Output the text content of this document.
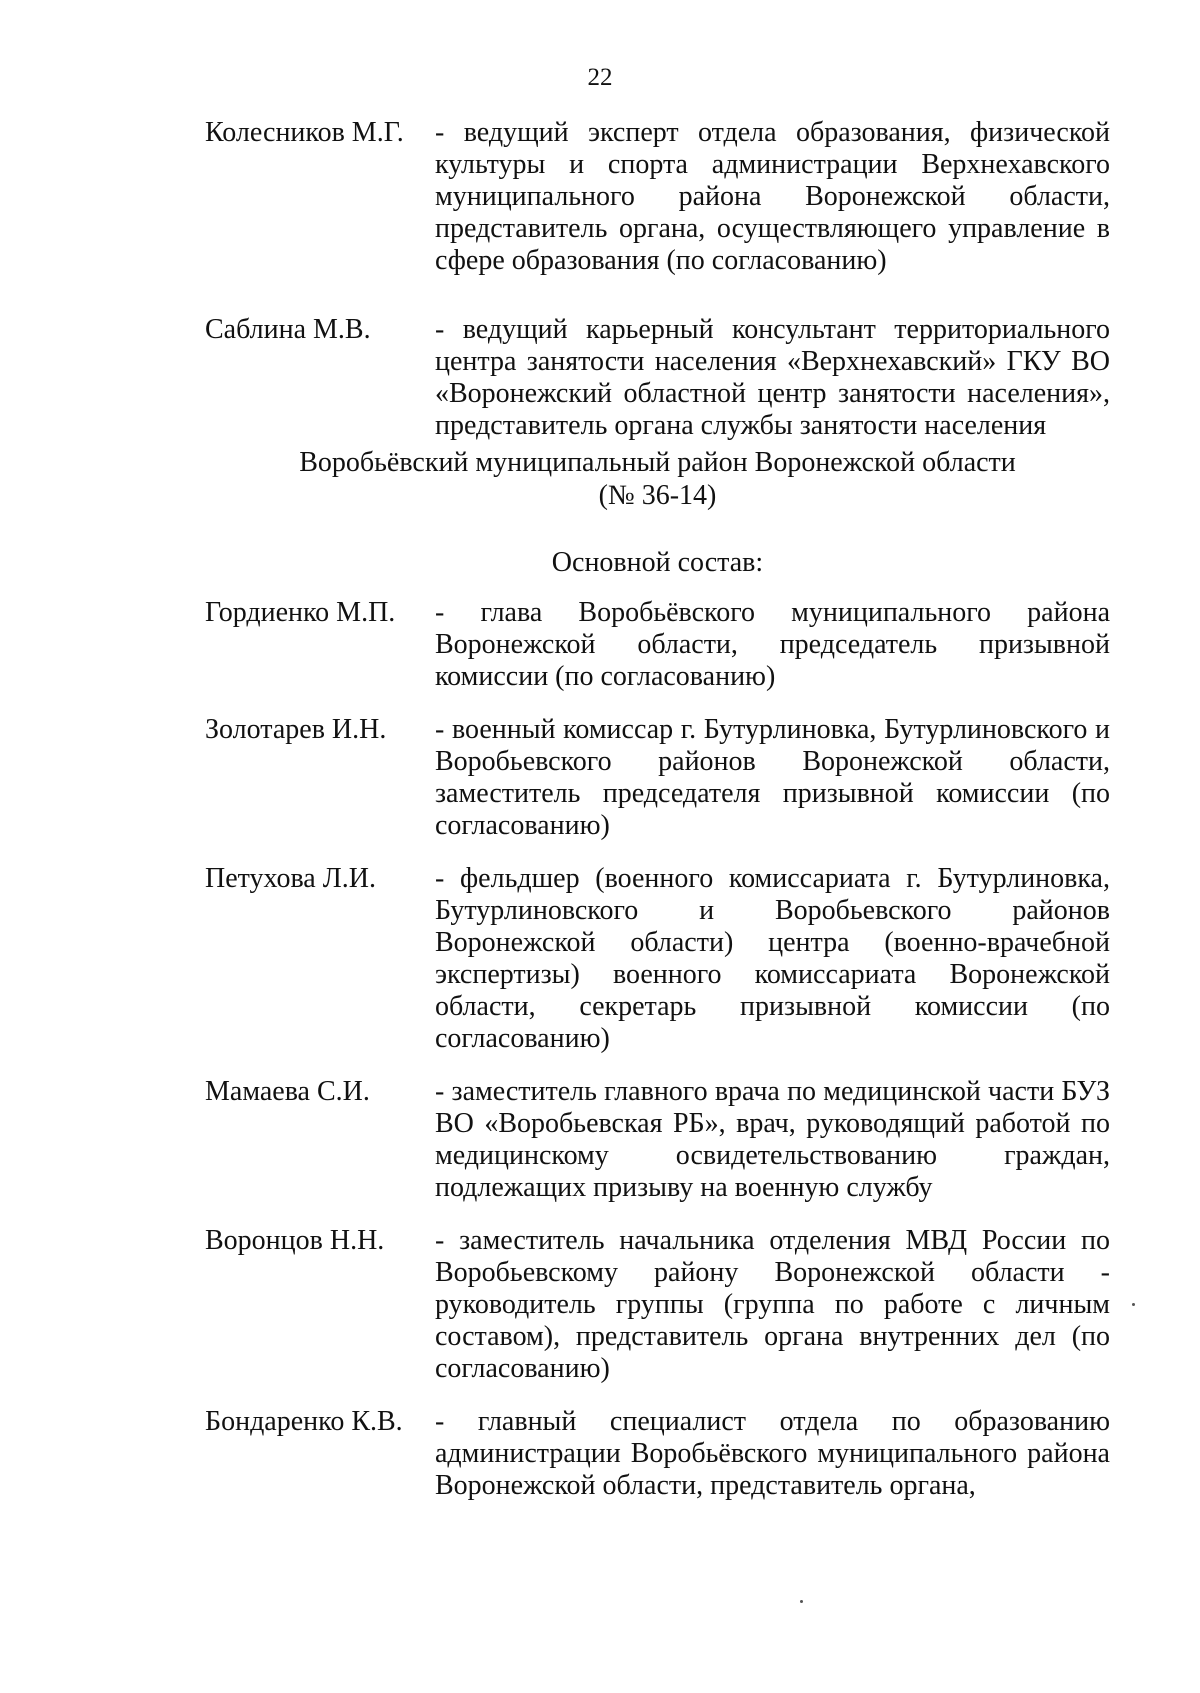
22
Колесников М.Г.	- ведущий эксперт отдела образования, физической культуры и спорта администрации Верхнехавского муниципального района Воронежской области, представитель органа, осуществляющего управление в сфере образования (по согласованию)
Саблина М.В.	- ведущий карьерный консультант территориального центра занятости населения «Верхнехавский» ГКУ ВО «Воронежский областной центр занятости населения», представитель органа службы занятости населения
Воробьёвский муниципальный район Воронежской области
(№ 36-14)
Основной состав:
Гордиенко М.П.	- глава Воробьёвского муниципального района Воронежской области, председатель призывной комиссии (по согласованию)
Золотарев И.Н.	- военный комиссар г. Бутурлиновка, Бутурлиновского и Воробьевского районов Воронежской области, заместитель председателя призывной комиссии (по согласованию)
Петухова Л.И.	- фельдшер (военного комиссариата г. Бутурлиновка, Бутурлиновского и Воробьевского районов Воронежской области) центра (военно-врачебной экспертизы) военного комиссариата Воронежской области, секретарь призывной комиссии (по согласованию)
Мамаева С.И.	- заместитель главного врача по медицинской части БУЗ ВО «Воробьевская РБ», врач, руководящий работой по медицинскому освидетельствованию граждан, подлежащих призыву на военную службу
Воронцов Н.Н.	- заместитель начальника отделения МВД России по Воробьевскому району Воронежской области - руководитель группы (группа по работе с личным составом), представитель органа внутренних дел (по согласованию)
Бондаренко К.В.	- главный специалист отдела по образованию администрации Воробьёвского муниципального района Воронежской области, представитель органа,
